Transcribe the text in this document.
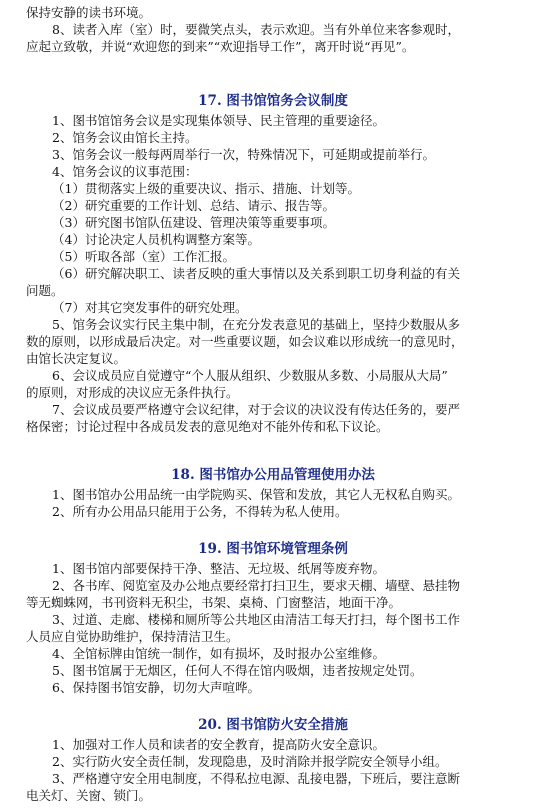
保持安静的读书环境。
8、读者入库（室）时，要微笑点头，表示欢迎。当有外单位来客参观时，
应起立致敬，并说“欢迎您的到来”“欢迎指导工作”，离开时说“再见”。
17. 图书馆馆务会议制度
1、图书馆馆务会议是实现集体领导、民主管理的重要途径。
2、馆务会议由馆长主持。
3、馆务会议一般每两周举行一次，特殊情况下，可延期或提前举行。
4、馆务会议的议事范围：
（1）贯彻落实上级的重要决议、指示、措施、计划等。
（2）研究重要的工作计划、总结、请示、报告等。
（3）研究图书馆队伍建设、管理决策等重要事项。
（4）讨论决定人员机构调整方案等。
（5）听取各部（室）工作汇报。
（6）研究解决职工、读者反映的重大事情以及关系到职工切身利益的有关
问题。
（7）对其它突发事件的研究处理。
5、馆务会议实行民主集中制，在充分发表意见的基础上，坚持少数服从多
数的原则，以形成最后决定。对一些重要议题，如会议难以形成统一的意见时，
由馆长决定复议。
6、会议成员应自觉遵守“个人服从组织、少数服从多数、小局服从大局”
的原则，对形成的决议应无条件执行。
7、会议成员要严格遵守会议纪律，对于会议的决议没有传达任务的，要严
格保密；讨论过程中各成员发表的意见绝对不能外传和私下议论。
18. 图书馆办公用品管理使用办法
1、图书馆办公用品统一由学院购买、保管和发放，其它人无权私自购买。
2、所有办公用品只能用于公务，不得转为私人使用。
19. 图书馆环境管理条例
1、图书馆内部要保持干净、整洁、无垃圾、纸屑等废弃物。
2、各书库、阅览室及办公地点要经常打扫卫生，要求天棚、墙壁、悬挂物
等无蜘蛛网，书刊资料无积尘，书架、桌椅、门窗整洁，地面干净。
3、过道、走廊、楼梯和厕所等公共地区由清洁工每天打扫，每个图书工作
人员应自觉协助维护，保持清洁卫生。
4、全馆标牌由馆统一制作，如有损坏，及时报办公室维修。
5、图书馆属于无烟区，任何人不得在馆内吸烟，违者按规定处罚。
6、保持图书馆安静，切勿大声喧哗。
20. 图书馆防火安全措施
1、加强对工作人员和读者的安全教育，提高防火安全意识。
2、实行防火安全责任制，发现隐患，及时消除并报学院安全领导小组。
3、严格遵守安全用电制度，不得私拉电源、乱接电器，下班后，要注意断
电关灯、关窗、锁门。
